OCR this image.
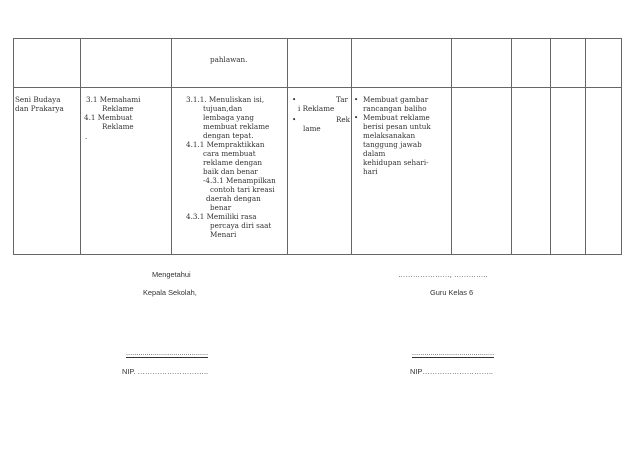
pahlawan.
Seni Budaya
dan Prakarya
3.1 Memahami
Reklame
4.1 Membuat
Reklame
.
3.1.1. Menuliskan isi,
tujuan,dan
lembaga yang
membuat reklame
dengan tepat.
4.1.1 Mempraktikkan
cara membuat
reklame dengan
baik dan benar
-4.3.1 Menampilkan
contoh tari kreasi
daerah dengan
benar
4.3.1 Memiliki rasa
percaya diri saat
Menari
•	Tar
i Reklame
•	Rek
lame
• Membuat gambar
rancangan baliho
• Membuat reklame
berisi pesan untuk
melaksanakan
tanggung jawab
dalam
kehidupan sehari-
hari
Mengetahui
Kepala Sekolah,
........................................
NIP. ………………………..
…………………, …………..
Guru Kelas 6
........................................
NIP………………………..
